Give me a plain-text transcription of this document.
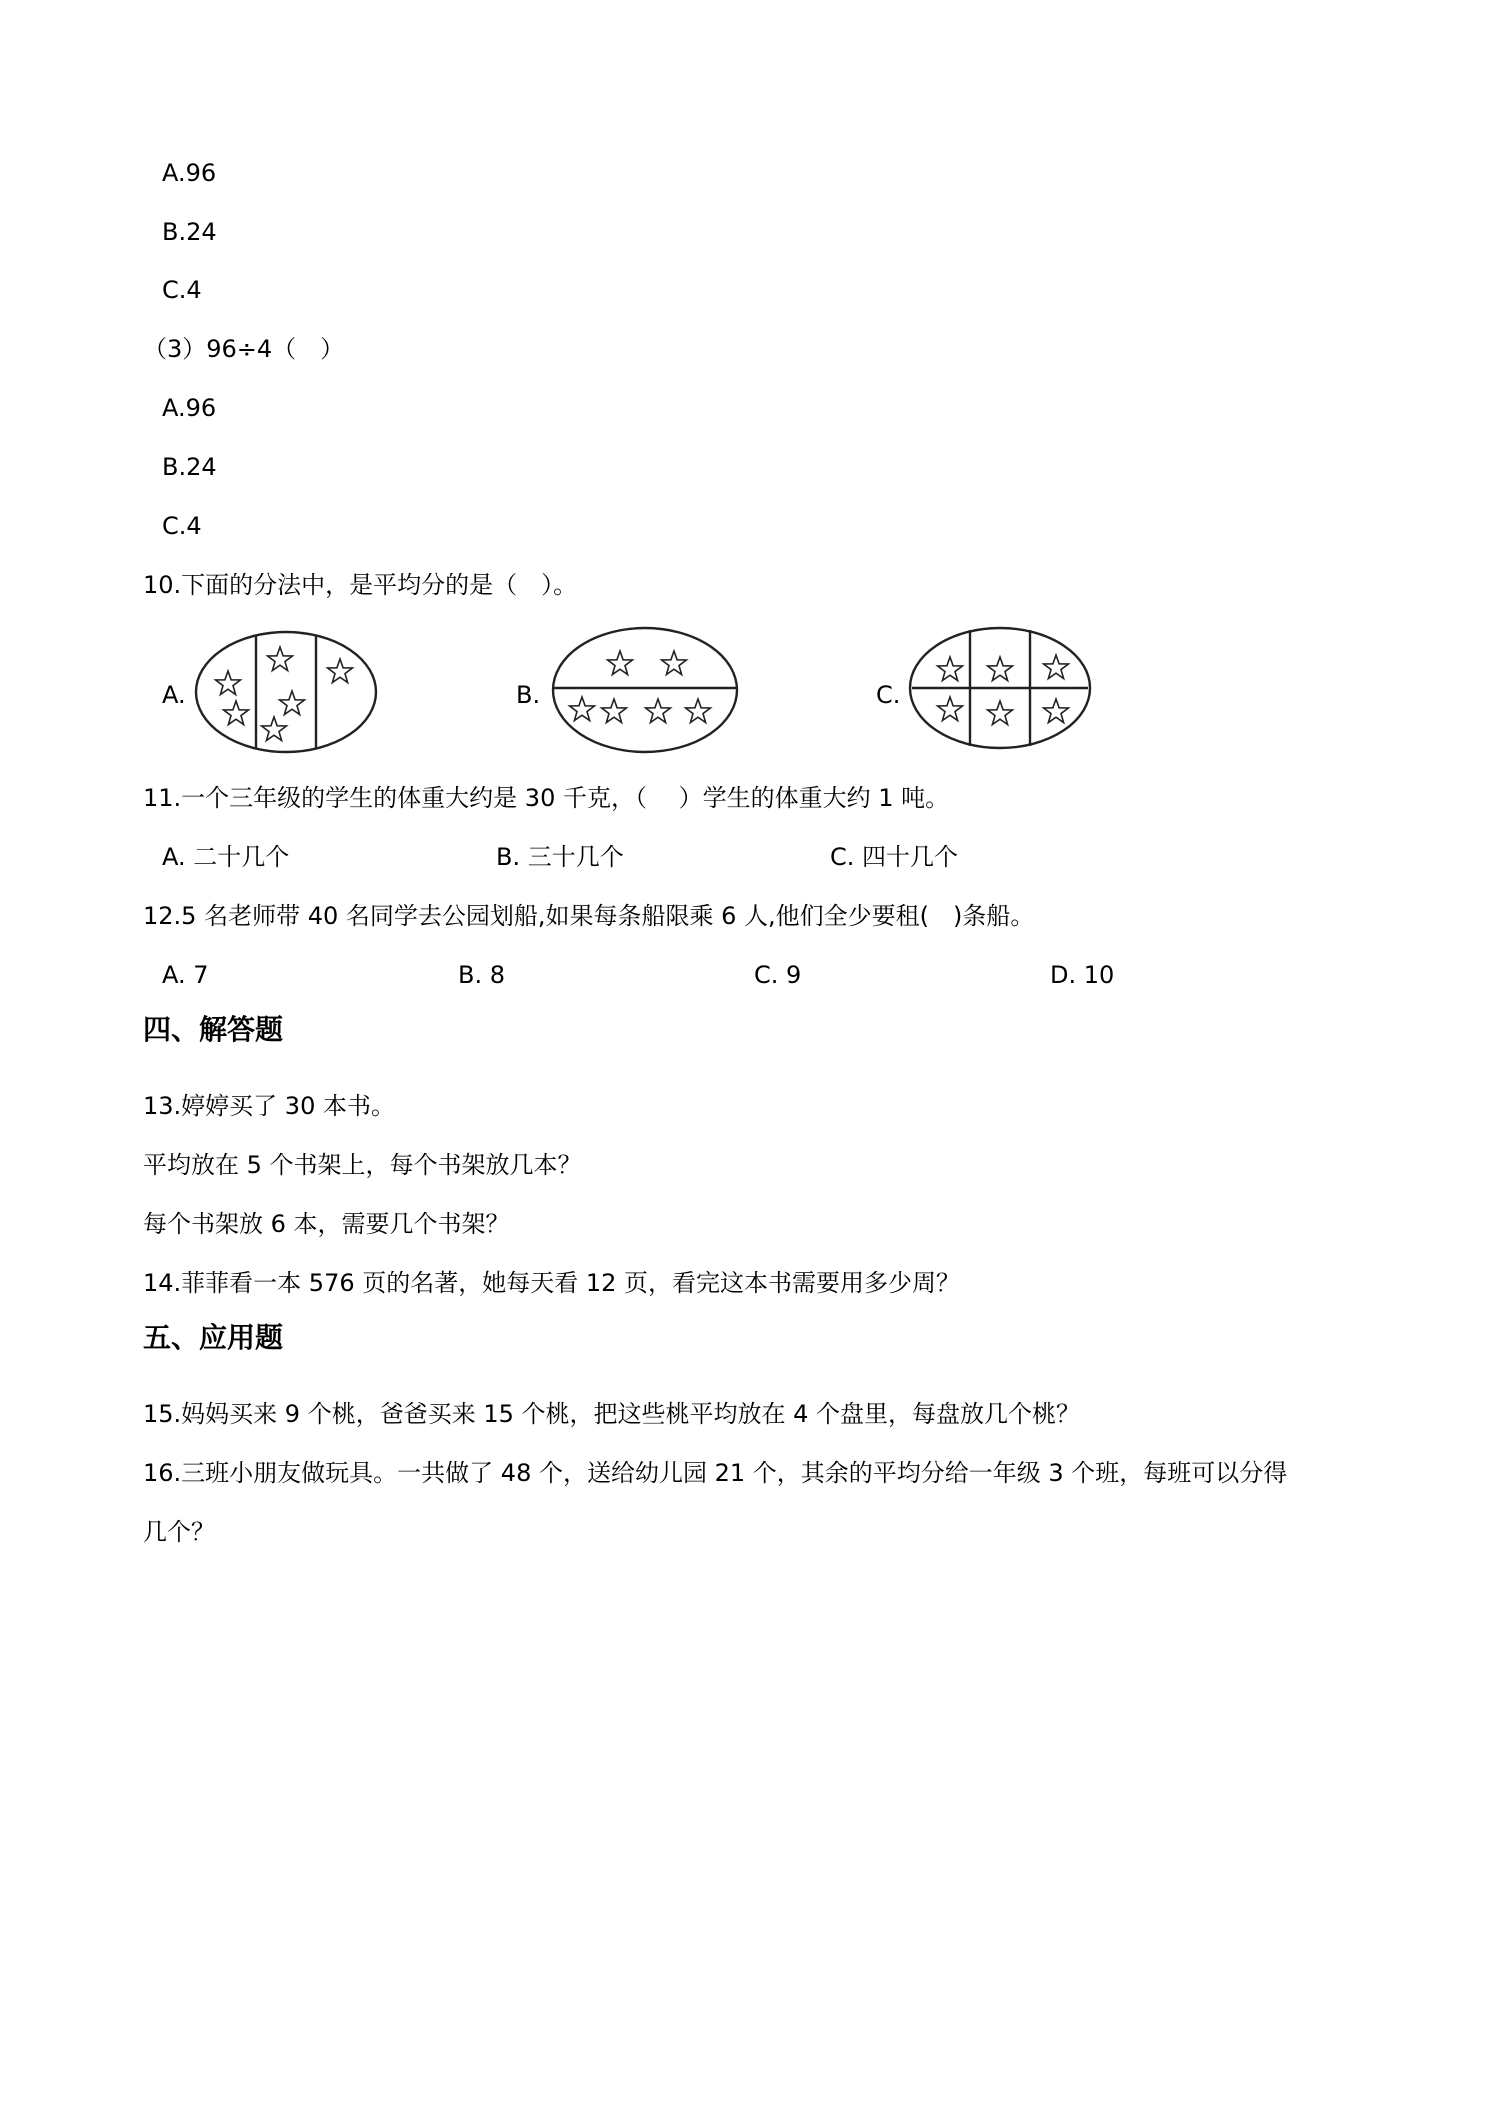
A.96
B.24
C.4
（3）96÷4（　）
A.96
B.24
C.4
10.下面的分法中，是平均分的是（　）。
A.	B.	C.
11.一个三年级的学生的体重大约是 30 千克，（　 ）学生的体重大约 1 吨。
A. 二十几个	B. 三十几个	C. 四十几个
12.5 名老师带 40 名同学去公园划船,如果每条船限乘 6 人,他们全少要租(　)条船。
A. 7	B. 8	C. 9	D. 10
四、解答题
13.婷婷买了 30 本书。
平均放在 5 个书架上，每个书架放几本？
每个书架放 6 本，需要几个书架？
14.菲菲看一本 576 页的名著，她每天看 12 页，看完这本书需要用多少周？
五、应用题
15.妈妈买来 9 个桃，爸爸买来 15 个桃，把这些桃平均放在 4 个盘里，每盘放几个桃？
16.三班小朋友做玩具。一共做了 48 个，送给幼儿园 21 个，其余的平均分给一年级 3 个班，每班可以分得
几个？
